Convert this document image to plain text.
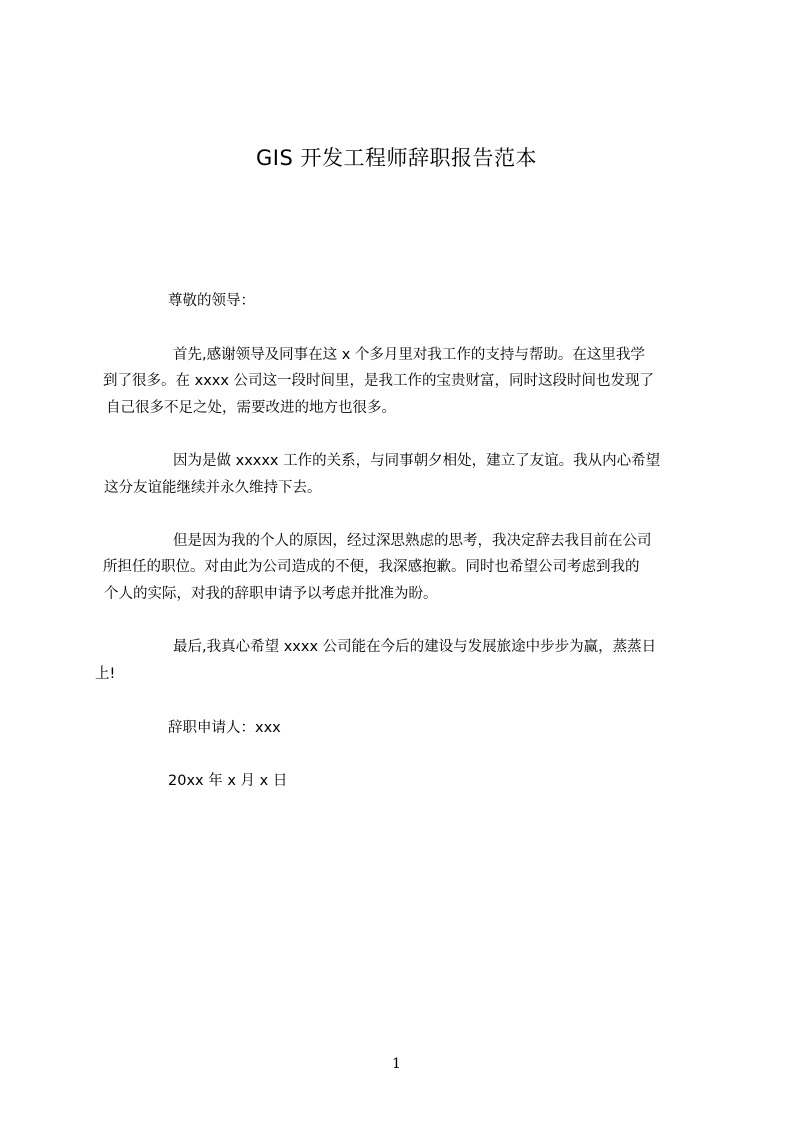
GIS 开发工程师辞职报告范本
尊敬的领导：
首先,感谢领导及同事在这 x 个多月里对我工作的支持与帮助。在这里我学
到了很多。在 xxxx 公司这一段时间里，是我工作的宝贵财富，同时这段时间也发现了
自己很多不足之处，需要改进的地方也很多。
因为是做 xxxxx 工作的关系，与同事朝夕相处，建立了友谊。我从内心希望
这分友谊能继续并永久维持下去。
但是因为我的个人的原因，经过深思熟虑的思考，我决定辞去我目前在公司
所担任的职位。对由此为公司造成的不便，我深感抱歉。同时也希望公司考虑到我的
个人的实际，对我的辞职申请予以考虑并批准为盼。
最后,我真心希望 xxxx 公司能在今后的建设与发展旅途中步步为赢，蒸蒸日
上!
辞职申请人：xxx
20xx 年 x 月 x 日
1
